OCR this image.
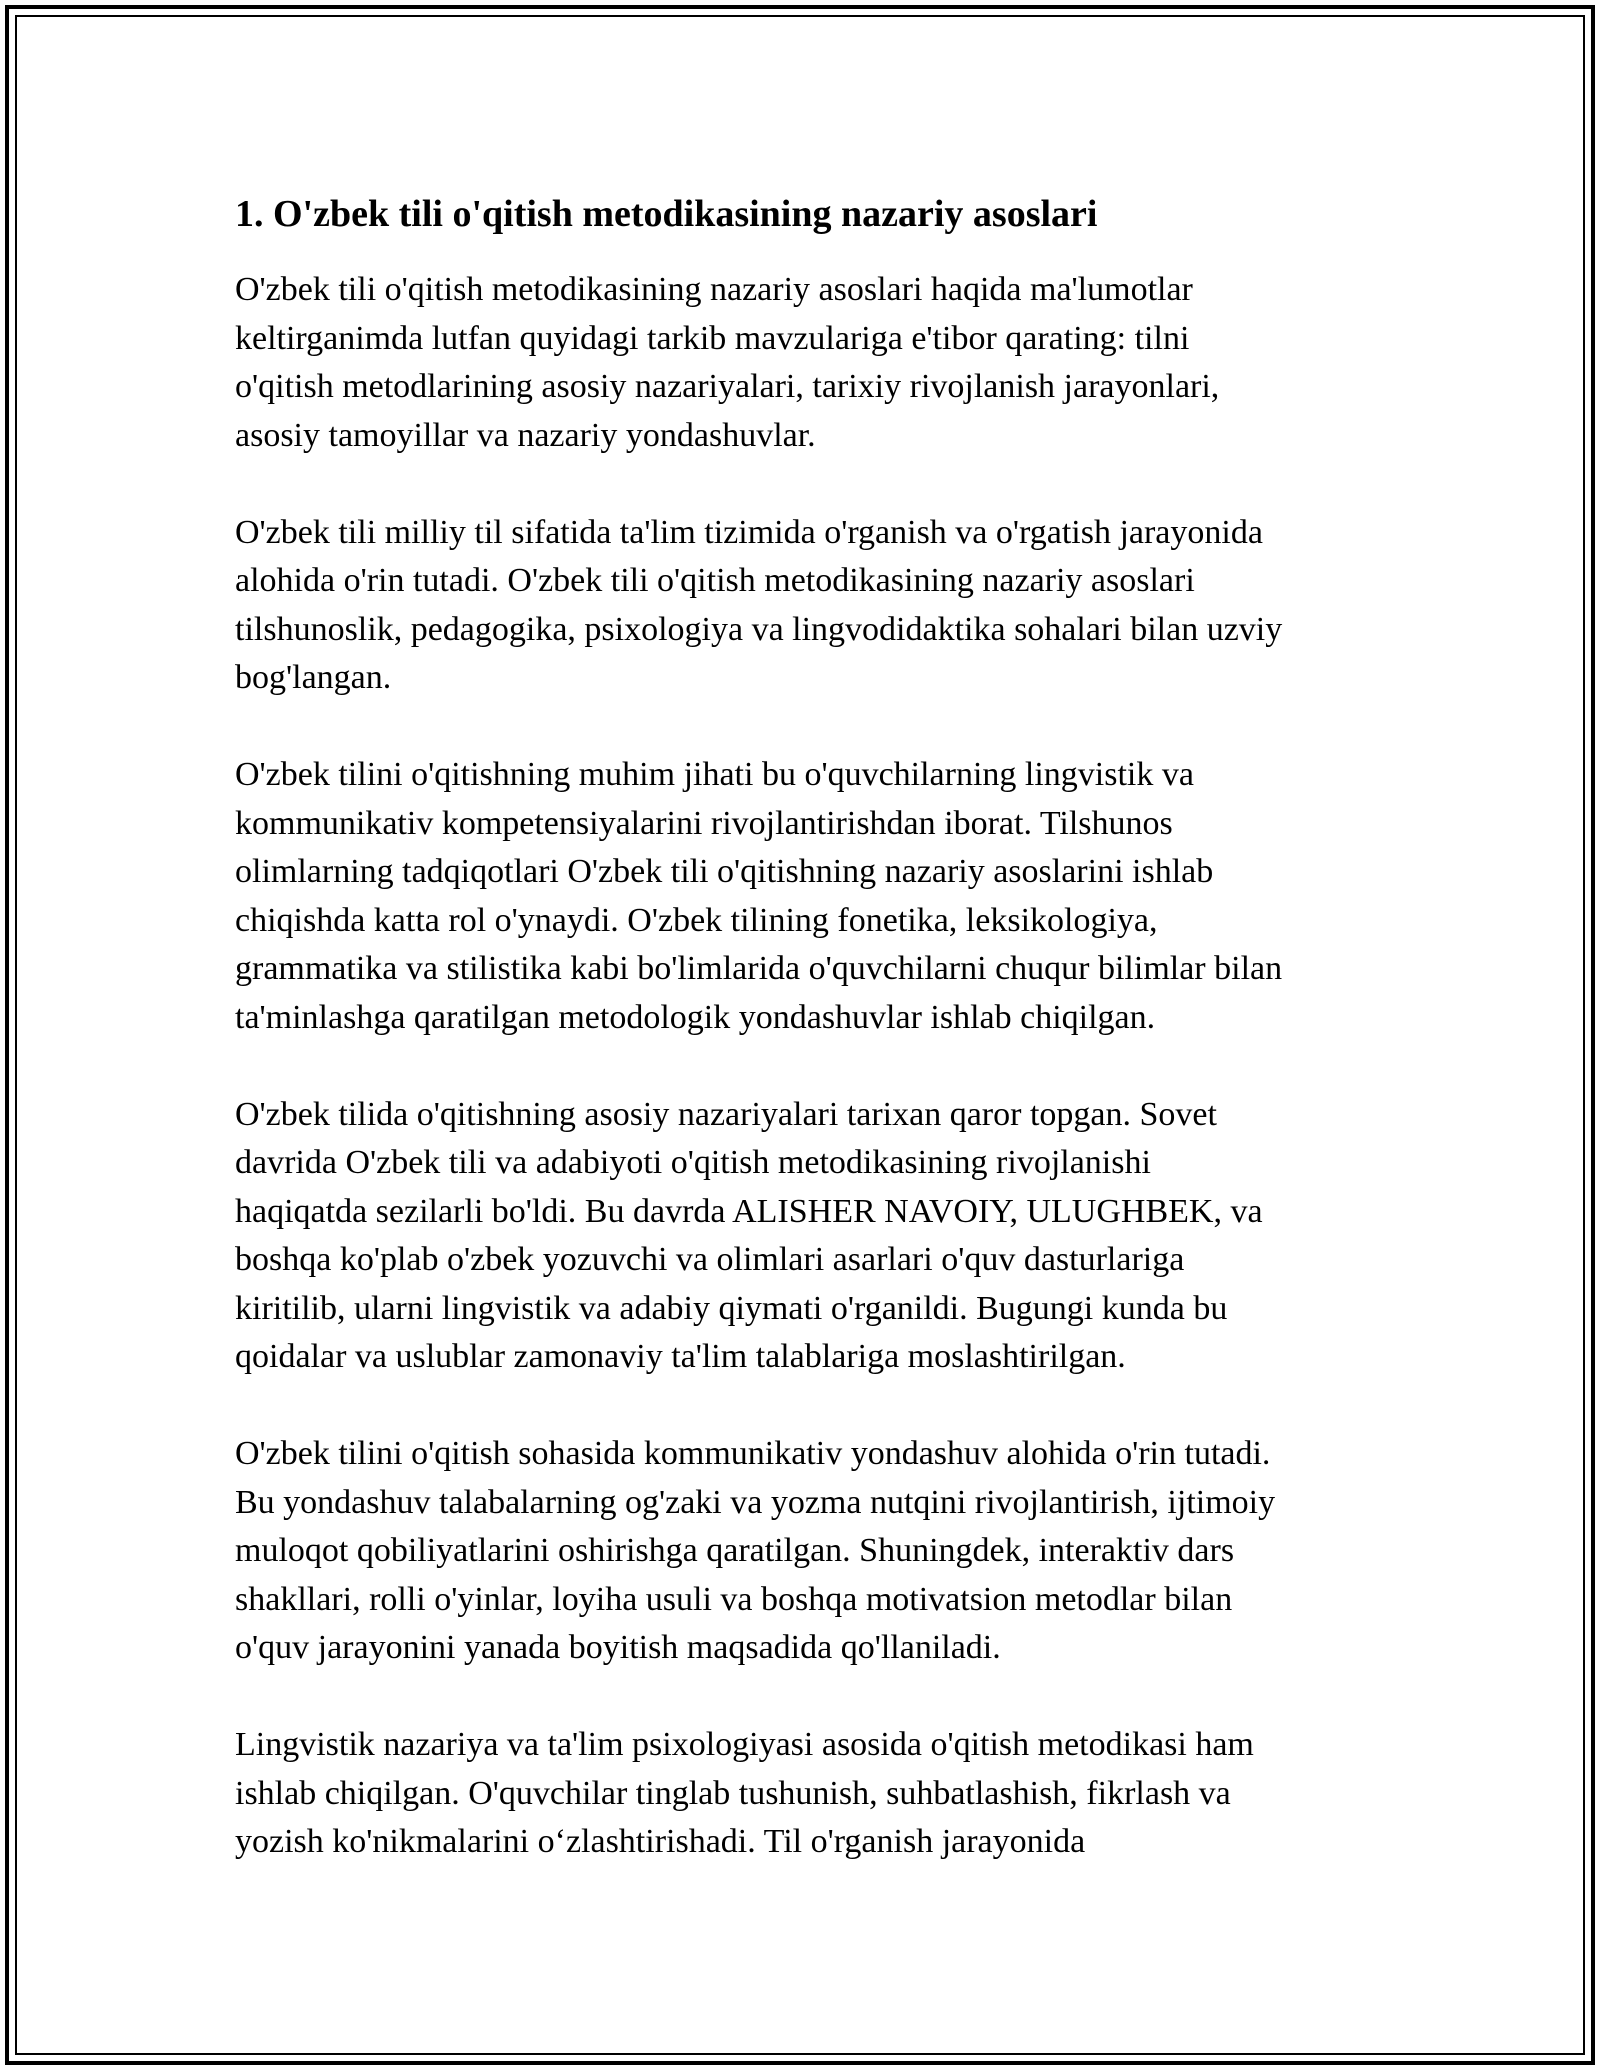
1. O'zbek tili o'qitish metodikasining nazariy asoslari

O'zbek tili o'qitish metodikasining nazariy asoslari haqida ma'lumotlar
keltirganimda lutfan quyidagi tarkib mavzulariga e'tibor qarating: tilni
o'qitish metodlarining asosiy nazariyalari, tarixiy rivojlanish jarayonlari,
asosiy tamoyillar va nazariy yondashuvlar.

O'zbek tili milliy til sifatida ta'lim tizimida o'rganish va o'rgatish jarayonida
alohida o'rin tutadi. O'zbek tili o'qitish metodikasining nazariy asoslari
tilshunoslik, pedagogika, psixologiya va lingvodidaktika sohalari bilan uzviy
bog'langan.

O'zbek tilini o'qitishning muhim jihati bu o'quvchilarning lingvistik va
kommunikativ kompetensiyalarini rivojlantirishdan iborat. Tilshunos
olimlarning tadqiqotlari O'zbek tili o'qitishning nazariy asoslarini ishlab
chiqishda katta rol o'ynaydi. O'zbek tilining fonetika, leksikologiya,
grammatika va stilistika kabi bo'limlarida o'quvchilarni chuqur bilimlar bilan
ta'minlashga qaratilgan metodologik yondashuvlar ishlab chiqilgan.

O'zbek tilida o'qitishning asosiy nazariyalari tarixan qaror topgan. Sovet
davrida O'zbek tili va adabiyoti o'qitish metodikasining rivojlanishi
haqiqatda sezilarli bo'ldi. Bu davrda ALISHER NAVOIY, ULUGHBEK, va
boshqa ko'plab o'zbek yozuvchi va olimlari asarlari o'quv dasturlariga
kiritilib, ularni lingvistik va adabiy qiymati o'rganildi. Bugungi kunda bu
qoidalar va uslublar zamonaviy ta'lim talablariga moslashtirilgan.

O'zbek tilini o'qitish sohasida kommunikativ yondashuv alohida o'rin tutadi.
Bu yondashuv talabalarning og'zaki va yozma nutqini rivojlantirish, ijtimoiy
muloqot qobiliyatlarini oshirishga qaratilgan. Shuningdek, interaktiv dars
shakllari, rolli o'yinlar, loyiha usuli va boshqa motivatsion metodlar bilan
o'quv jarayonini yanada boyitish maqsadida qo'llaniladi.

Lingvistik nazariya va ta'lim psixologiyasi asosida o'qitish metodikasi ham
ishlab chiqilgan. O'quvchilar tinglab tushunish, suhbatlashish, fikrlash va
yozish ko'nikmalarini o‘zlashtirishadi. Til o'rganish jarayonida
